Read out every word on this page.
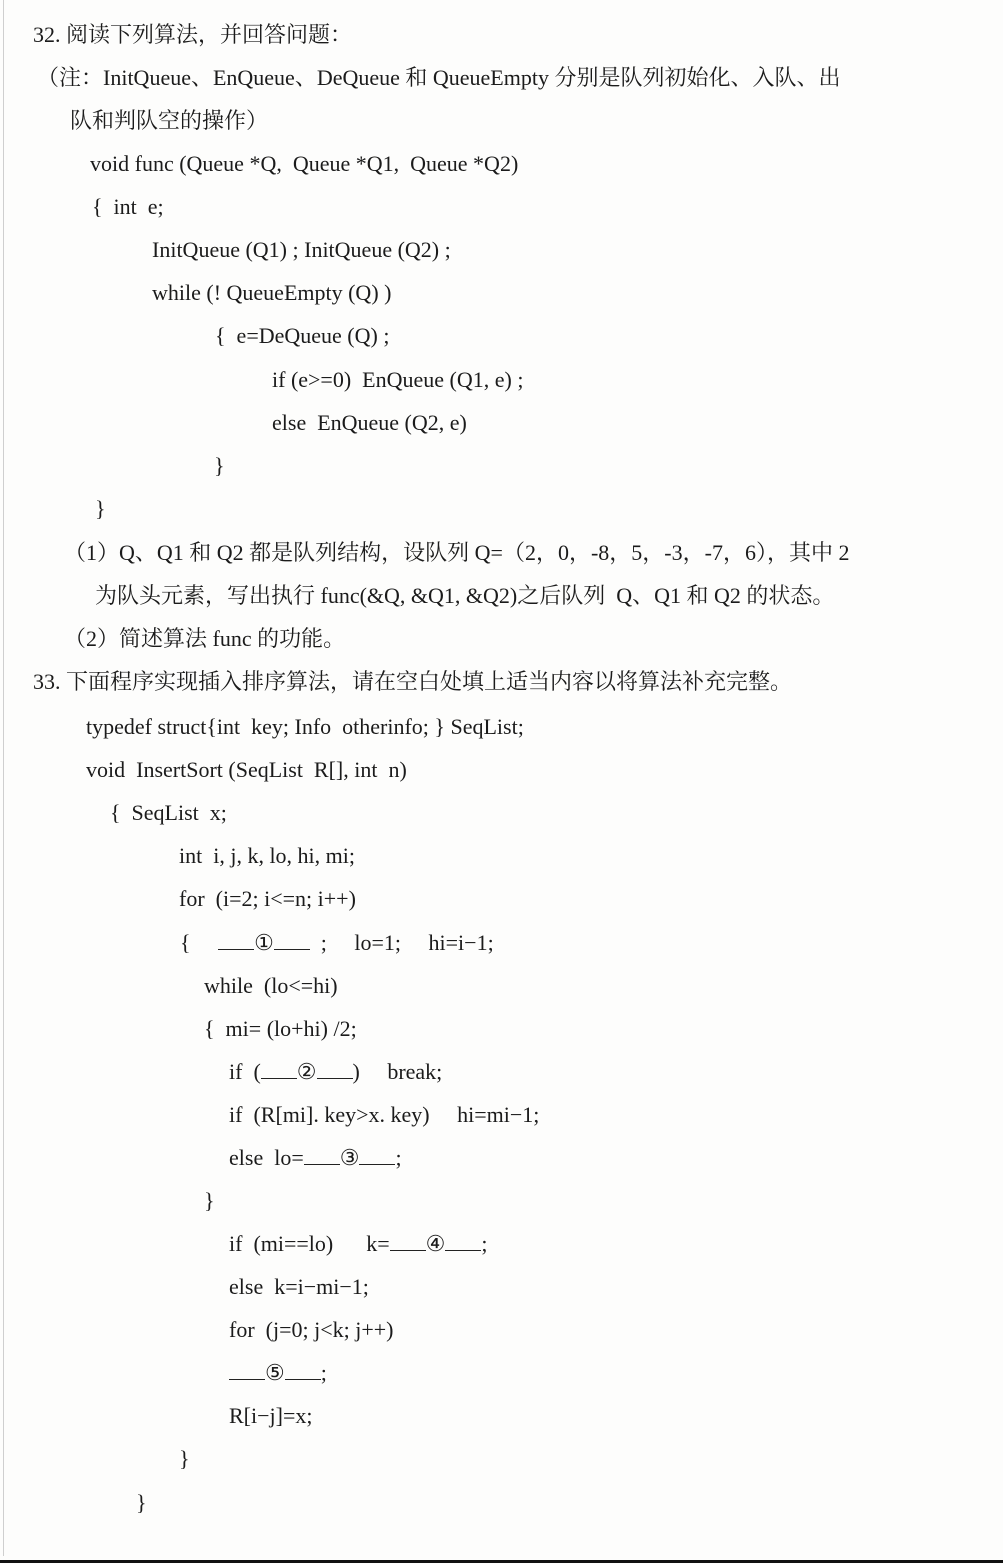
32. 阅读下列算法，并回答问题：
（注：InitQueue、EnQueue、DeQueue 和 QueueEmpty 分别是队列初始化、入队、出
队和判队空的操作）
void func (Queue *Q,  Queue *Q1,  Queue *Q2)
{  int  e;
InitQueue (Q1) ; InitQueue (Q2) ;
while (! QueueEmpty (Q) )
{  e=DeQueue (Q) ;
if (e>=0)  EnQueue (Q1, e) ;
else  EnQueue (Q2, e)
}
}
（1）Q、Q1 和 Q2 都是队列结构，设队列 Q=（2，0，-8，5，-3，-7，6），其中 2
为队头元素，写出执行 func(&Q, &Q1, &Q2)之后队列  Q、Q1 和 Q2 的状态。
（2）简述算法 func 的功能。
33. 下面程序实现插入排序算法，请在空白处填上适当内容以将算法补充完整。
typedef struct{int  key; Info  otherinfo; } SeqList;
void  InsertSort (SeqList  R[], int  n)
{  SeqList  x;
int  i, j, k, lo, hi, mi;
for  (i=2; i<=n; i++)
{	①  ;     lo=1;     hi=i−1;
while  (lo<=hi)
{  mi= (lo+hi) /2;
if  ( ② )     break;
if  (R[mi]. key>x. key)     hi=mi−1;
else  lo= ③ ;
}
if  (mi==lo)      k= ④ ;
else  k=i−mi−1;
for  (j=0; j<k; j++)
⑤ ;
R[i−j]=x;
}
}
